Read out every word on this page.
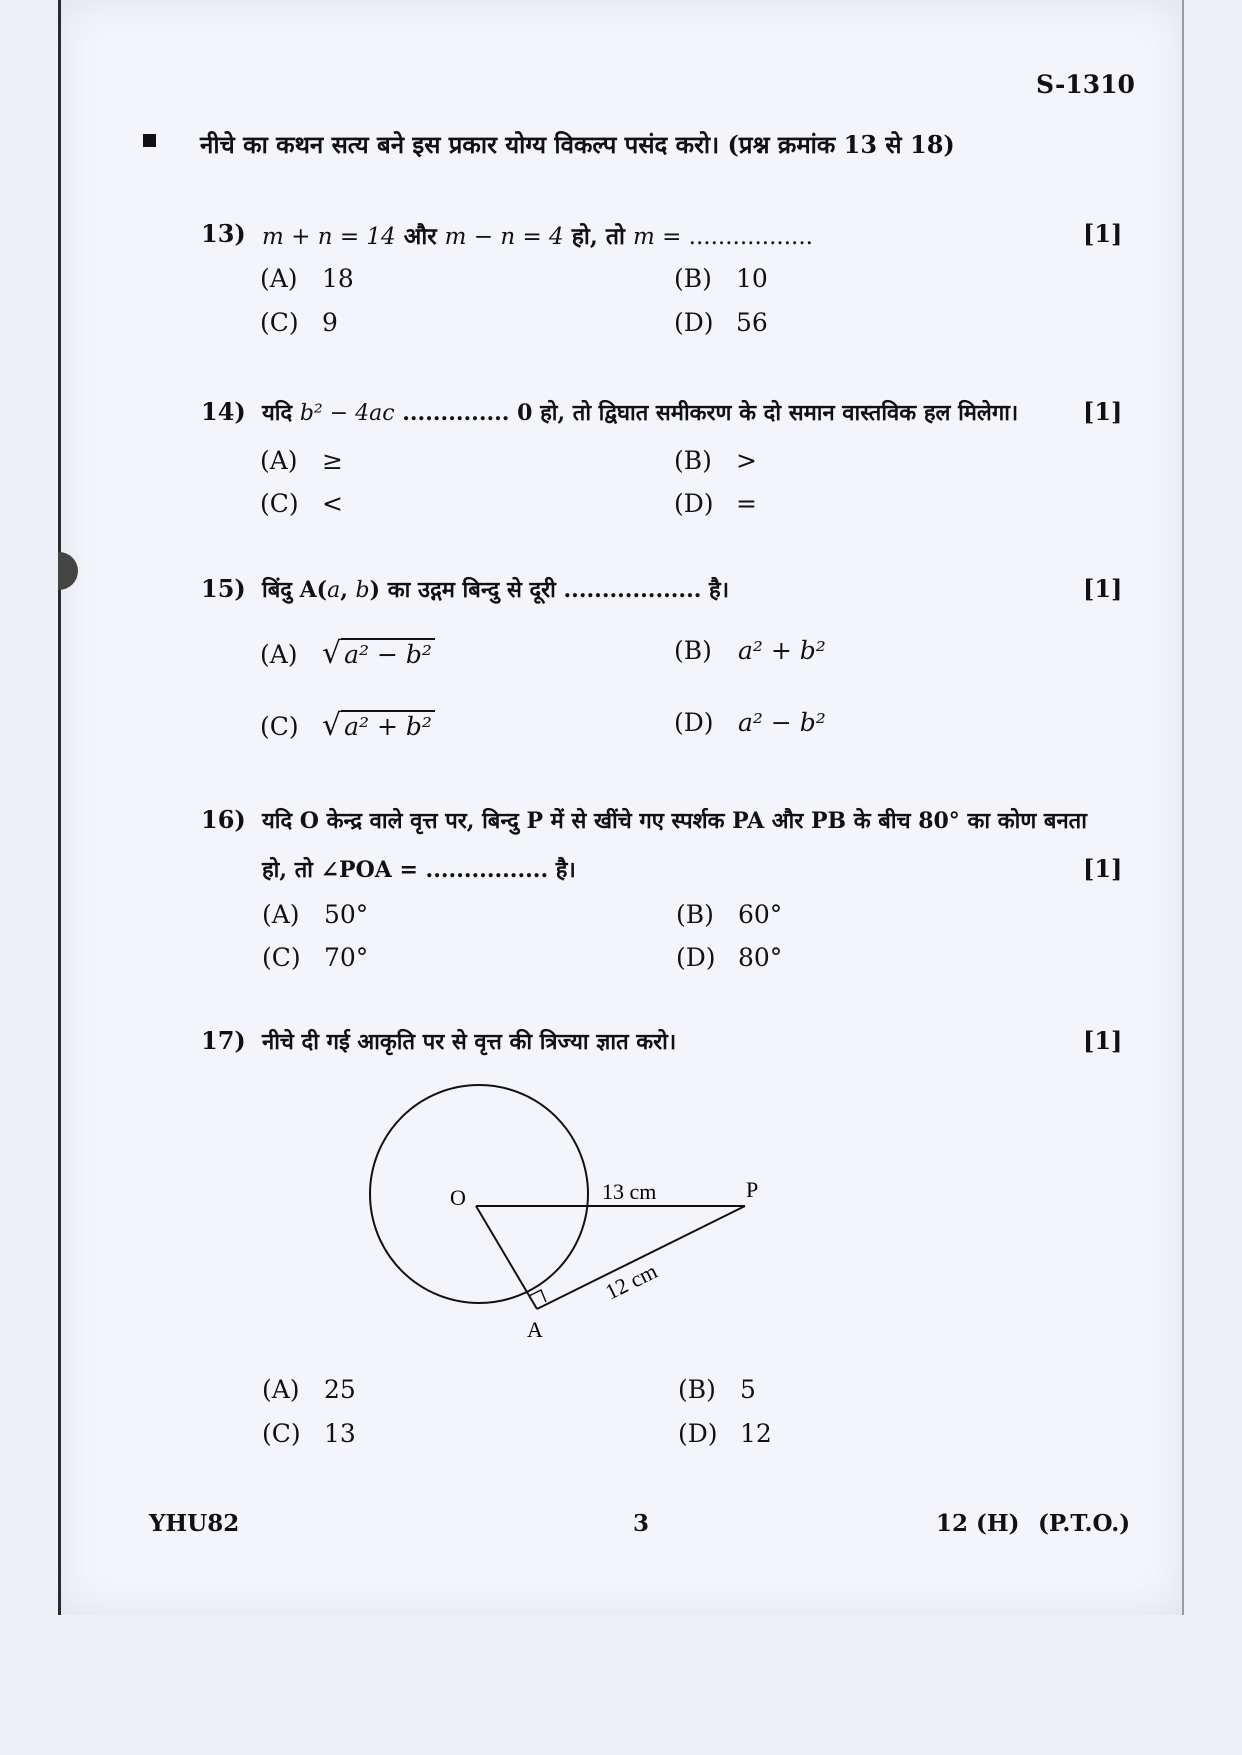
S-1310
नीचे का कथन सत्य बने इस प्रकार योग्य विकल्प पसंद करो। (प्रश्न क्रमांक 13 से 18)
13) m + n = 14 और m − n = 4 हो, तो m = .................	[1]
(A) 18	(B) 10
(C) 9	(D) 56
14) यदि b² − 4ac .............. 0 हो, तो द्विघात समीकरण के दो समान वास्तविक हल मिलेगा।	[1]
(A) ≥	(B) >
(C) <	(D) =
15) बिंदु A(a, b) का उद्गम बिन्दु से दूरी .................. है।	[1]
(A) √ a² − b²	(B) a² + b²
(C) √ a² + b²	(D) a² − b²
16) यदि O केन्द्र वाले वृत्त पर, बिन्दु P में से खींचे गए स्पर्शक PA और PB के बीच 80° का कोण बनता
हो, तो ∠POA = ................ है।	[1]
(A) 50°	(B) 60°
(C) 70°	(D) 80°
17) नीचे दी गई आकृति पर से वृत्त की त्रिज्या ज्ञात करो।	[1]
O	P
A
13 cm
12 cm
(A) 25	(B) 5
(C) 13	(D) 12
YHU82	3	12 (H) (P.T.O.)
